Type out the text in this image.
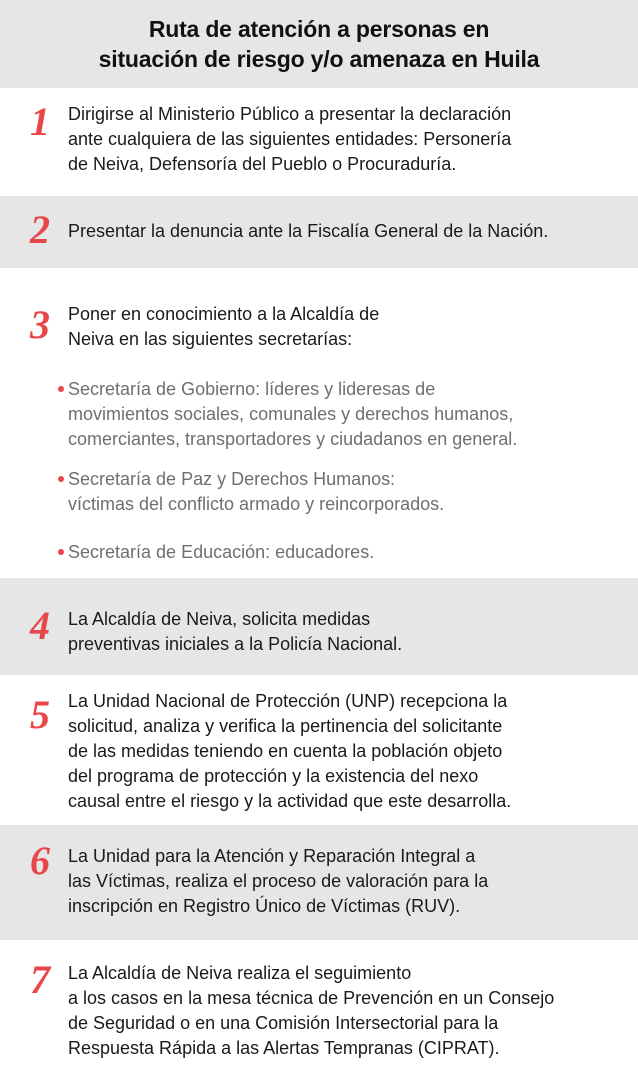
Ruta de atención a personas en
situación de riesgo y/o amenaza en Huila
1 Dirigirse al Ministerio Público a presentar la declaración
ante cualquiera de las siguientes entidades: Personería
de Neiva, Defensoría del Pueblo o Procuraduría.
2 Presentar la denuncia ante la Fiscalía General de la Nación.
3 Poner en conocimiento a la Alcaldía de
Neiva en las siguientes secretarías:
Secretaría de Gobierno: líderes y lideresas de
movimientos sociales, comunales y derechos humanos,
comerciantes, transportadores y ciudadanos en general.
Secretaría de Paz y Derechos Humanos:
víctimas del conflicto armado y reincorporados.
Secretaría de Educación: educadores.
4 La Alcaldía de Neiva, solicita medidas
preventivas iniciales a la Policía Nacional.
5 La Unidad Nacional de Protección (UNP) recepciona la
solicitud, analiza y verifica la pertinencia del solicitante
de las medidas teniendo en cuenta la población objeto
del programa de protección y la existencia del nexo
causal entre el riesgo y la actividad que este desarrolla.
6 La Unidad para la Atención y Reparación Integral a
las Víctimas, realiza el proceso de valoración para la
inscripción en Registro Único de Víctimas (RUV).
7 La Alcaldía de Neiva realiza el seguimiento
a los casos en la mesa técnica de Prevención en un Consejo
de Seguridad o en una Comisión Intersectorial para la
Respuesta Rápida a las Alertas Tempranas (CIPRAT).
